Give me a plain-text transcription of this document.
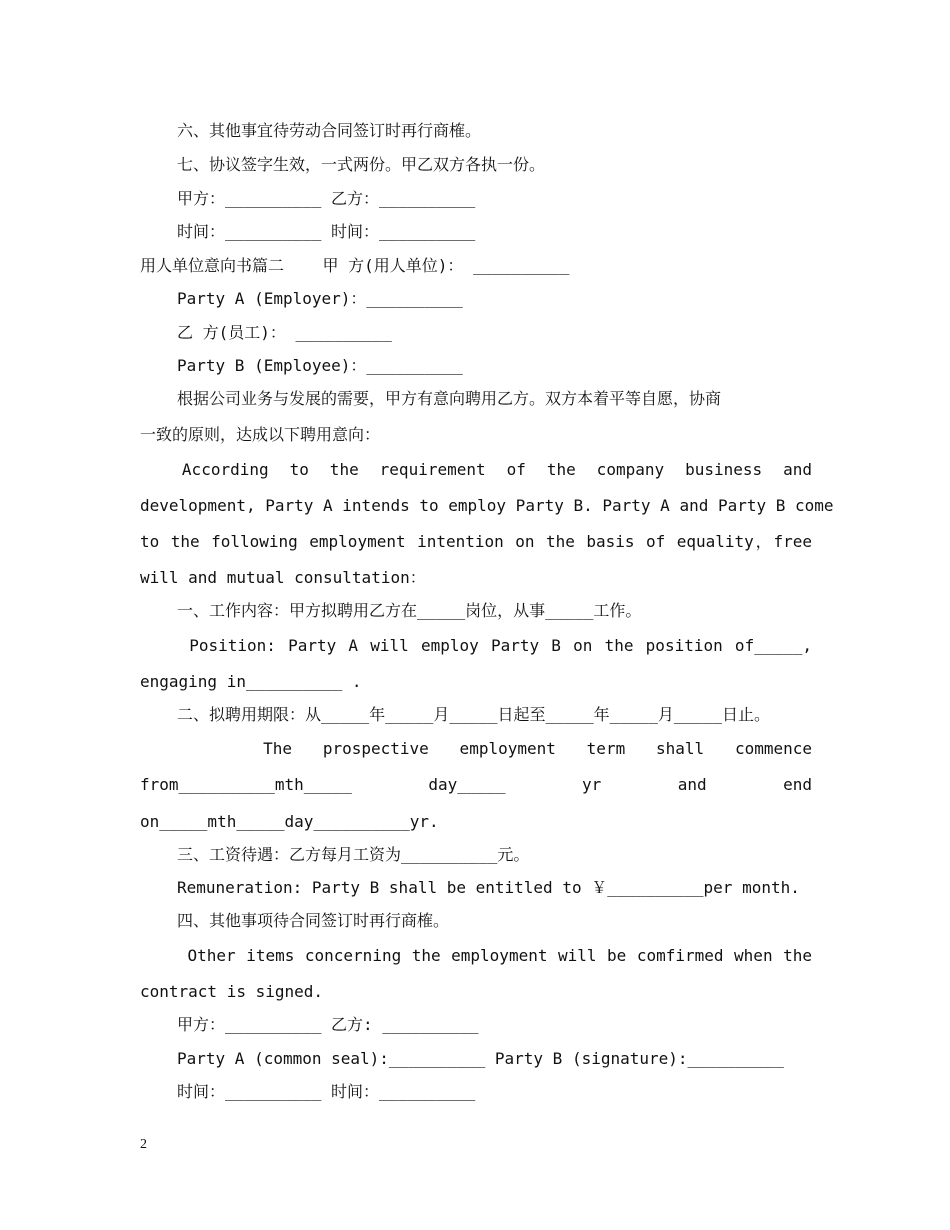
六、其他事宜待劳动合同签订时再行商榷。
七、协议签字生效，一式两份。甲乙双方各执一份。
甲方：__________ 乙方：__________
时间：__________ 时间：__________
用人单位意向书篇二    甲 方(用人单位)： __________
Party A (Employer)：__________
乙 方(员工)： __________
Party B (Employee)：__________
根据公司业务与发展的需要，甲方有意向聘用乙方。双方本着平等自愿，协商
一致的原则，达成以下聘用意向：
According to the requirement of the company business and
development, Party A intends to employ Party B. Party A and Party B come
to the following employment intention on the basis of equality，free
will and mutual consultation：
一、工作内容：甲方拟聘用乙方在_____岗位，从事_____工作。
Position: Party A will employ Party B on the position of_____,
engaging in__________ .
二、拟聘用期限：从_____年_____月_____日起至_____年_____月_____日止。
The prospective employment term shall commence
from__________mth_____ day_____ yr and end
on_____mth_____day__________yr.
三、工资待遇：乙方每月工资为__________元。
Remuneration: Party B shall be entitled to ￥__________per month.
四、其他事项待合同签订时再行商榷。
Other items concerning the employment will be comfirmed when the
contract is signed.
甲方：__________ 乙方: __________
Party A (common seal):__________ Party B (signature):__________
时间：__________ 时间：__________
2
